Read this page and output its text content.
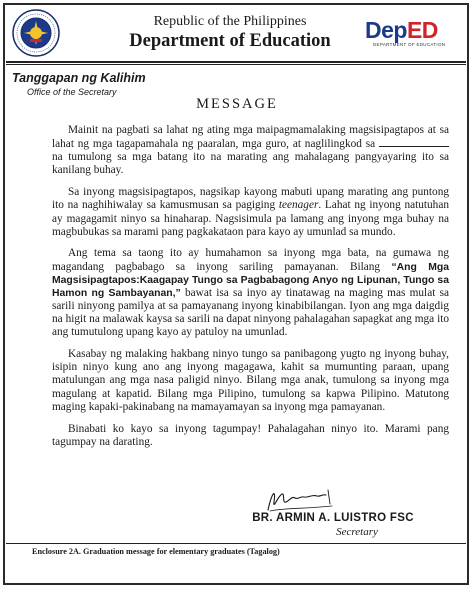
Republic of the Philippines
Department of Education	DepED
DEPARTMENT OF EDUCATION
Tanggapan ng Kalihim
Office of the Secretary
MESSAGE

Mainit na pagbati sa lahat ng ating mga maipagmamalaking magsisipagtapos at sa lahat ng mga tagapamahala ng paaralan, mga guro, at naglilingkod sa  na tumulong sa mga batang ito na marating ang mahalagang pangyayaring ito sa kanilang buhay.

Sa inyong magsisipagtapos, nagsikap kayong mabuti upang marating ang puntong ito na naghihiwalay sa kamusmusan sa pagiging teenager. Lahat ng inyong natutuhan ay magagamit ninyo sa hinaharap. Nagsisimula pa lamang ang inyong mga buhay na magbubukas sa marami pang pagkakataon para kayo ay umunlad sa mundo.

Ang tema sa taong ito ay humahamon sa inyong mga bata, na gumawa ng magandang pagbabago sa inyong sariling pamayanan. Bilang “Ang Mga Magsisipagtapos:Kaagapay Tungo sa Pagbabagong Anyo ng Lipunan, Tungo sa Hamon ng Sambayanan,” bawat isa sa inyo ay tinatawag na maging mas mulat sa sarili ninyong pamilya at sa pamayanang inyong kinabibilangan. Iyon ang mga daigdig na higit na malawak kaysa sa sarili na dapat ninyong pahalagahan sapagkat ang mga ito ang tumutulong upang kayo ay patuloy na umunlad.

Kasabay ng malaking hakbang ninyo tungo sa panibagong yugto ng inyong buhay, isipin ninyo kung ano ang inyong magagawa, kahit sa mumunting paraan, upang matulungan ang mga nasa paligid ninyo. Bilang mga anak, tumulong sa inyong mga magulang at kapatid. Bilang mga Pilipino, tumulong sa kapwa Pilipino. Matutong maging kapaki-pakinabang na mamayamayan sa inyong mga pamayanan.

Binabati ko kayo sa inyong tagumpay! Pahalagahan ninyo ito. Marami pang tagumpay na darating.

BR. ARMIN A. LUISTRO FSC
Secretary
Enclosure 2A. Graduation message for elementary graduates (Tagalog)
